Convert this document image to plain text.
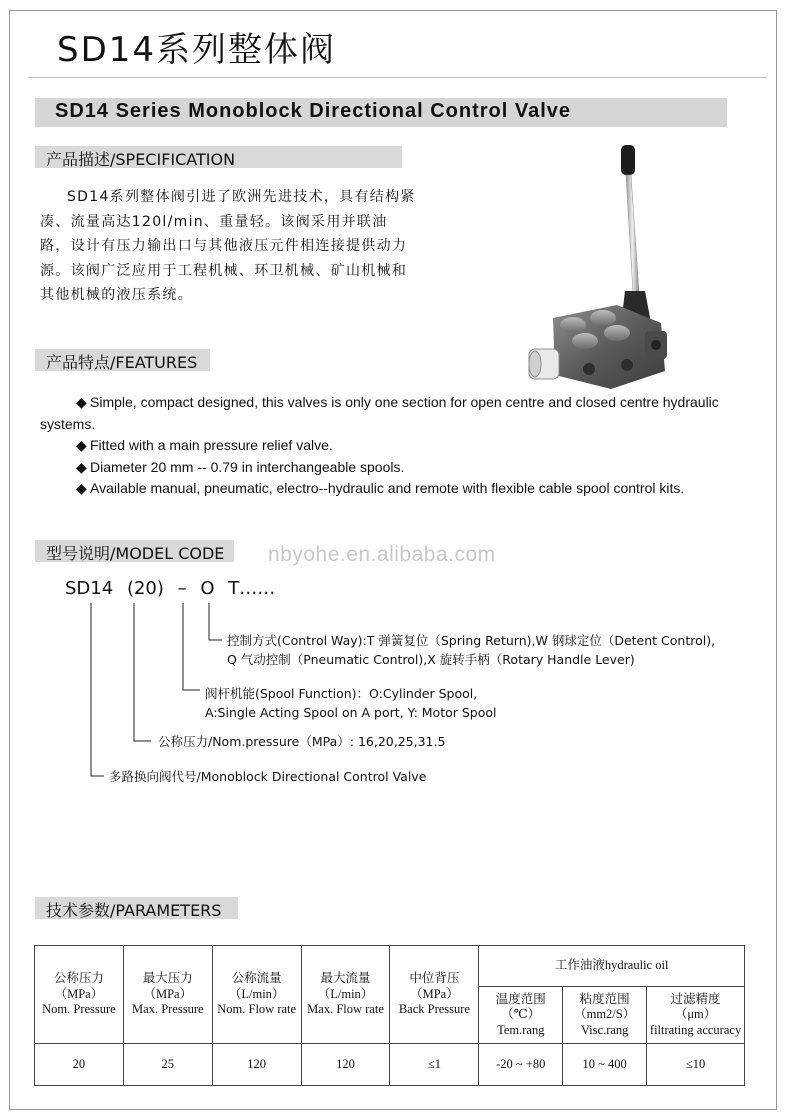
SD14系列整体阀
SD14 Series Monoblock Directional Control Valve
产品描述/SPECIFICATION
SD14系列整体阀引进了欧洲先进技术，具有结构紧凑、流量高达120l/min、重量轻。该阀采用并联油路，设计有压力输出口与其他液压元件相连接提供动力源。该阀广泛应用于工程机械、环卫机械、矿山机械和其他机械的液压系统。
产品特点/FEATURES
◆ Simple, compact designed, this valves is only one section for open centre and closed centre hydraulic systems.
◆ Fitted with a main pressure relief valve.
◆ Diameter 20 mm -- 0.79 in interchangeable spools.
◆ Available manual, pneumatic, electro--hydraulic and remote with flexible cable spool control kits.
型号说明/MODEL CODE nbyohe.en.alibaba.com
SD14 (20) – O T……
控制方式(Control Way):T 弹簧复位（Spring Return),W 钢球定位（Detent Control),
Q 气动控制（Pneumatic Control),X 旋转手柄（Rotary Handle Lever)
阀杆机能(Spool Function)：O:Cylinder Spool,
A:Single Acting Spool on A port, Y: Motor Spool
公称压力/Nom.pressure（MPa）: 16,20,25,31.5
多路换向阀代号/Monoblock Directional Control Valve
技术参数/PARAMETERS
公称压力
（MPa）
Nom. Pressure	最大压力
（MPa）
Max. Pressure	公称流量
（L/min）
Nom. Flow rate	最大流量
（L/min）
Max. Flow rate	中位背压
（MPa）
Back Pressure	工作油液hydraulic oil		
					温度范围
（℃）
Tem.rang	粘度范围
（mm2/S）
Visc.rang	过滤精度
（μm）
filtrating accuracy
20	25	120	120	≤1	-20 ~ +80	10 ~ 400	≤10
